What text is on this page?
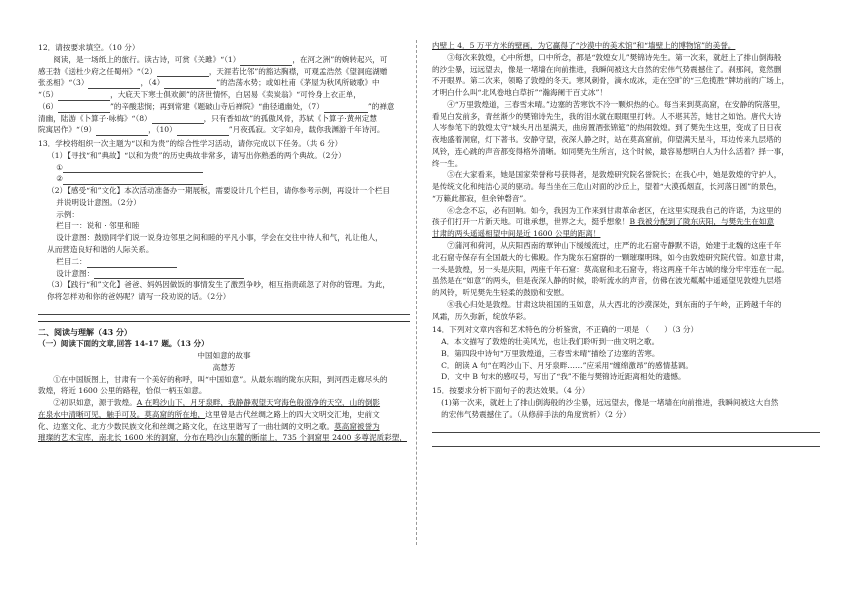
12．请按要求填空。（10 分）

阅读，是一场纸上的旅行。读古诗，可赏《关雎》“（1）	，在河之洲”的婉转起兴，可
感王勃《送杜少府之任蜀州》“（2）	，天涯若比邻”的豁达胸襟，可观孟浩然《望洞庭湖赠
张丞相》“（3）	，（4）	”的浩荡水势；或如杜甫《茅屋为秋风所破歌》中
“（5）	，大庇天下寒士俱欢颜”的济世情怀，白居易《卖炭翁》“可怜身上衣正单，
（6）	”的辛酸悲悯；再到常建《题破山寺后禅院》“曲径通幽处，（7）	”的禅意
清幽，陆游《卜算子·咏梅》“（8）	，只有香如故”的孤傲风骨，苏轼《卜算子·黄州定慧
院寓居作》“（9）	，（10）	”月夜孤寂。文字如舟，载你我渊游千年诗河。

13．学校将组织一次主题为“以和为贵”的综合性学习活动，请你完成以下任务。（共 6 分）

（1）【寻找“和”典故】“以和为贵”的历史典故非常多，请写出你熟悉的两个典故。（2分）

①

②

（2）【感受“和”文化】本次活动准备办一期展板，需要设计几个栏目，请你参考示例，再设计一个栏目

并说明设计意图。（2分）

示例：

栏目一：说和 · 邻里和睦

设计意图：鼓励同学们说一说身边邻里之间和睦的平凡小事，学会在交往中待人和气，礼让他人，

从而营造良好和谐的人际关系。

栏目二：

设计意图：

（3）【践行“和”文化】爸爸、妈妈因做饭的事情发生了激烈争吵，相互指责疏忽了对你的管理。为此，

你将怎样劝和你的爸妈呢？请写一段劝说的话。（2分）

二、阅读与理解（43 分）

（一）阅读下面的文章,回答 14-17 题。（13 分）

中国如意的故事

高慧芳

①在中国版图上，甘肃有一个美好的称呼，叫“中国如意”。从最东端的陇东庆阳，到河西走廊尽头的
敦煌，将近 1600 公里的路程，恰似一柄玉如意。

②初识如意，源于敦煌。A 在鸣沙山下，月牙泉畔，我静静观望天穹海色般澄净的天空，山的倒影
在泉水中清晰可见，触手可及。莫高窟的所在地，这里曾是古代丝绸之路上的四大文明交汇地，史前文
化、边塞文化、北方少数民族文化和丝绸之路文化，在这里谐写了一曲壮阔的文明之歌。莫高窟被誉为
璀璨的艺术宝库，南北长 1600 米的洞窟，分布在鸣沙山东麓的断崖上，735 个洞窟里 2400 多尊泥质彩塑，

内壁上 4．5 万平方米的壁画，为它赢得了“沙漠中的美术馆”和“墙壁上的博物馆”的美誉。

③每次来敦煌，心中所想，口中所念，都是“敦煌女儿”樊锦诗先生。第一次来，就赶上了排山倒海般
的沙尘暴，远远望去，像是一堵墙在向前推进，我瞬间被这大自然的宏伟气势震撼住了。刹那间，竟然删
不开眼界。第二次来，领略了敦煌的冬天。寒风刺骨，滴水成冰，走在空旷的“三危揽胜”牌坊前的广场上，
才明白什么叫“北风卷地白草折”“瀚海阑干百丈冰”！

④“万里敦煌道，三春雪未晴。”边塞的苦寒饮不冷一颗炽热的心。每当来到莫高窟，在安静的院落里，
看见白发前多，青丝渐少的樊锦诗先生，我的泪水就在眼眶里打转。人不堪其苦，她甘之如饴。唐代大诗
人岑参笔下的敦煌太守“城头月出星满天，曲房置酒张锦筵”的热闹敦煌。到了樊先生这里，变成了日日夜
夜地盛着洞窟，灯下著书。安静守望，夜深人静之时，站在莫高窟前，仰望满天星斗，耳边传来九层塔的
风铃，连心跳的声音都变得格外清晰。如同樊先生所言，这个时候，最容易想明白人为什么活着？择一事，
终一生。

⑤在大家看来，她是国家荣誉称号获得者，是敦煌研究院名誉院长；在我心中，她是敦煌的守护人，
是传统文化和纯洁心灵的驱动。每当坐在三危山对面的沙丘上，望着“大漠孤烟直，长河落日圆”的景色，
“万籁此都寂，但余钟磬音”。

⑥念念不忘，必有回响。如今，我因为工作来到甘肃革命老区，在这里实现我自己的许诺，为这里的
孩子们打开一片新天地。可谁承想，世界之大，挺乎想象！B 我被分配到了陇东庆阳，与樊先生在如意
甘肃的两头遥遥相望中间是近 1600 公里的距离！

⑦蒲河和荷河，从庆阳西南的覃钟山下缓缓流过，庄严的北石窟寺静默不语，始建于北魏的这座千年
北石窟寺保存有全国最大的七佛殿。作为陇东石窟群的一颗璀璨明珠，如今由敦煌研究院代管。如意甘肃，
一头是敦煌，另一头是庆阳，两座千年石窟：莫高窟和北石窟寺，将这两座千年古城的缘分牢牢连在一起。
虽然是在“如意”的两头，但是夜深人静的时候，聆听流水的声音，仿佛在波光粼粼中遥遥望见敦煌九层塔
的风铃，听见樊先生轻柔的鼓励和安慰。

⑧我心归处是敦煌。甘肃这块祖国的玉如意，从大西北的沙漠深处，到东南的子午岭，正跨越千年的
风霜，历久弥新，绽放华彩。

14．下列对文章内容和艺术特色的分析鉴赏，不正确的一项是 （　　）（3 分）

A．本文描写了敦煌的壮美风光，也让我们聆听到一曲文明之歌。

B．第四段中诗句“万里敦煌道，三春雪未晴”描绘了边塞的苦寒。

C．朗读 A 句“在鸣沙山下、月牙泉畔……”应采用“缠绵激昂”的感情基调。

D．文中 B 句末的感叹号，写出了“我”不能与樊锦诗近距离相处的遗憾。

15．按要求分析下面句子的表达效果。（4 分）

(1)第一次来，就赶上了排山倒海般的沙尘暴，远远望去，像是一堵墙在向前推进，我瞬间被这大自然

的宏伟气势震撼住了。（从修辞手法的角度赏析）（2 分）
